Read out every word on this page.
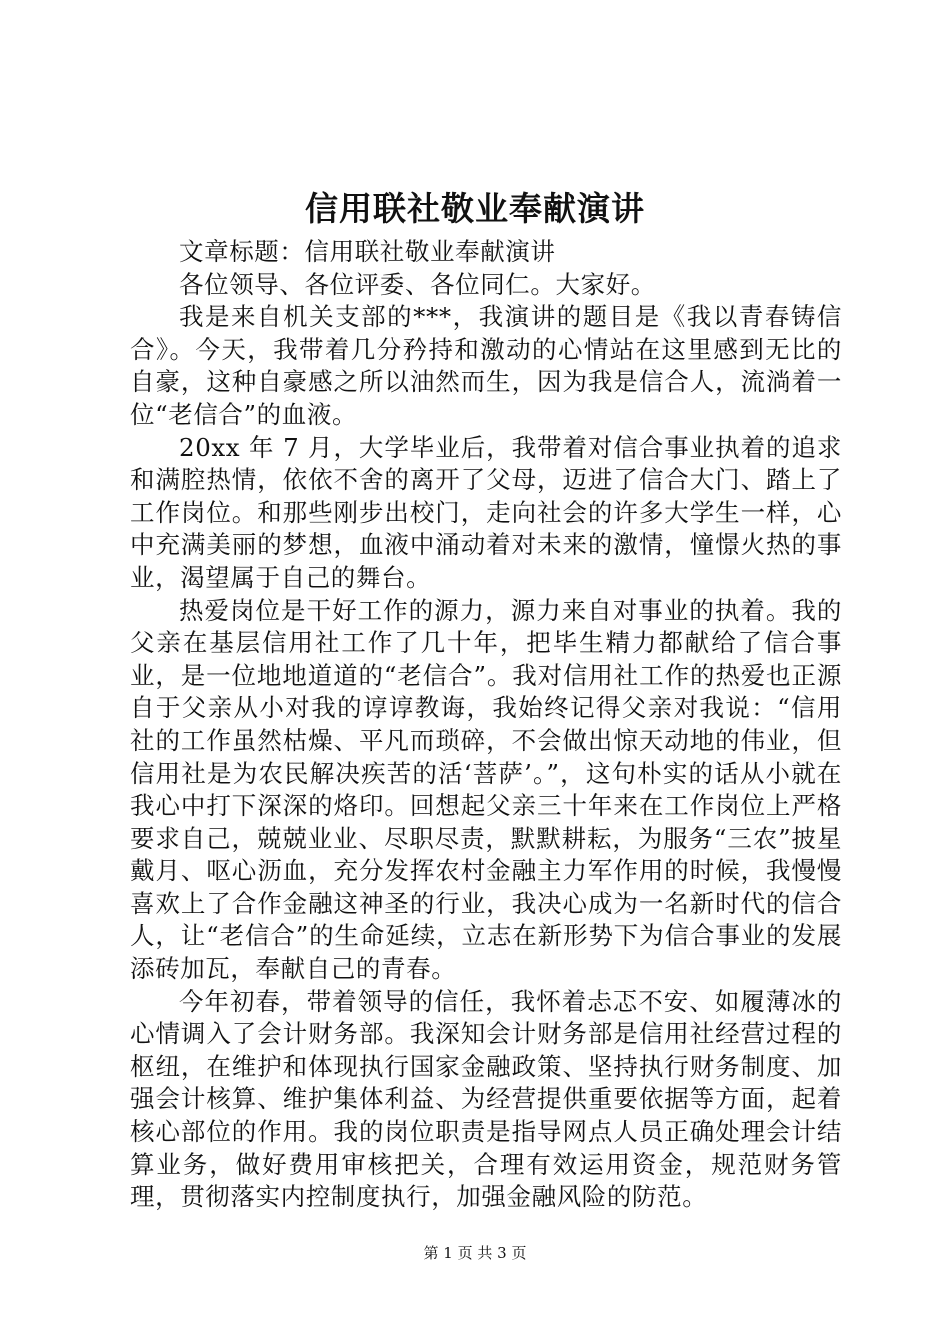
信用联社敬业奉献演讲

文章标题：信用联社敬业奉献演讲

各位领导、各位评委、各位同仁。大家好。

我是来自机关支部的***，我演讲的题目是《我以青春铸信合》。今天，我带着几分矜持和激动的心情站在这里感到无比的自豪，这种自豪感之所以油然而生，因为我是信合人，流淌着一位“老信合”的血液。

20xx 年 7 月，大学毕业后，我带着对信合事业执着的追求和满腔热情，依依不舍的离开了父母，迈进了信合大门、踏上了工作岗位。和那些刚步出校门，走向社会的许多大学生一样，心中充满美丽的梦想，血液中涌动着对未来的激情，憧憬火热的事业，渴望属于自己的舞台。

热爱岗位是干好工作的源力，源力来自对事业的执着。我的父亲在基层信用社工作了几十年，把毕生精力都献给了信合事业，是一位地地道道的“老信合”。我对信用社工作的热爱也正源自于父亲从小对我的谆谆教诲，我始终记得父亲对我说：“信用社的工作虽然枯燥、平凡而琐碎，不会做出惊天动地的伟业，但信用社是为农民解决疾苦的活‘菩萨’。”，这句朴实的话从小就在我心中打下深深的烙印。回想起父亲三十年来在工作岗位上严格要求自己，兢兢业业、尽职尽责，默默耕耘，为服务“三农”披星戴月、呕心沥血，充分发挥农村金融主力军作用的时候，我慢慢喜欢上了合作金融这神圣的行业，我决心成为一名新时代的信合人，让“老信合”的生命延续，立志在新形势下为信合事业的发展添砖加瓦，奉献自己的青春。

今年初春，带着领导的信任，我怀着忐忑不安、如履薄冰的心情调入了会计财务部。我深知会计财务部是信用社经营过程的枢纽，在维护和体现执行国家金融政策、坚持执行财务制度、加强会计核算、维护集体利益、为经营提供重要依据等方面，起着核心部位的作用。我的岗位职责是指导网点人员正确处理会计结算业务，做好费用审核把关，合理有效运用资金，规范财务管理，贯彻落实内控制度执行，加强金融风险的防范。

第 1 页 共 3 页
